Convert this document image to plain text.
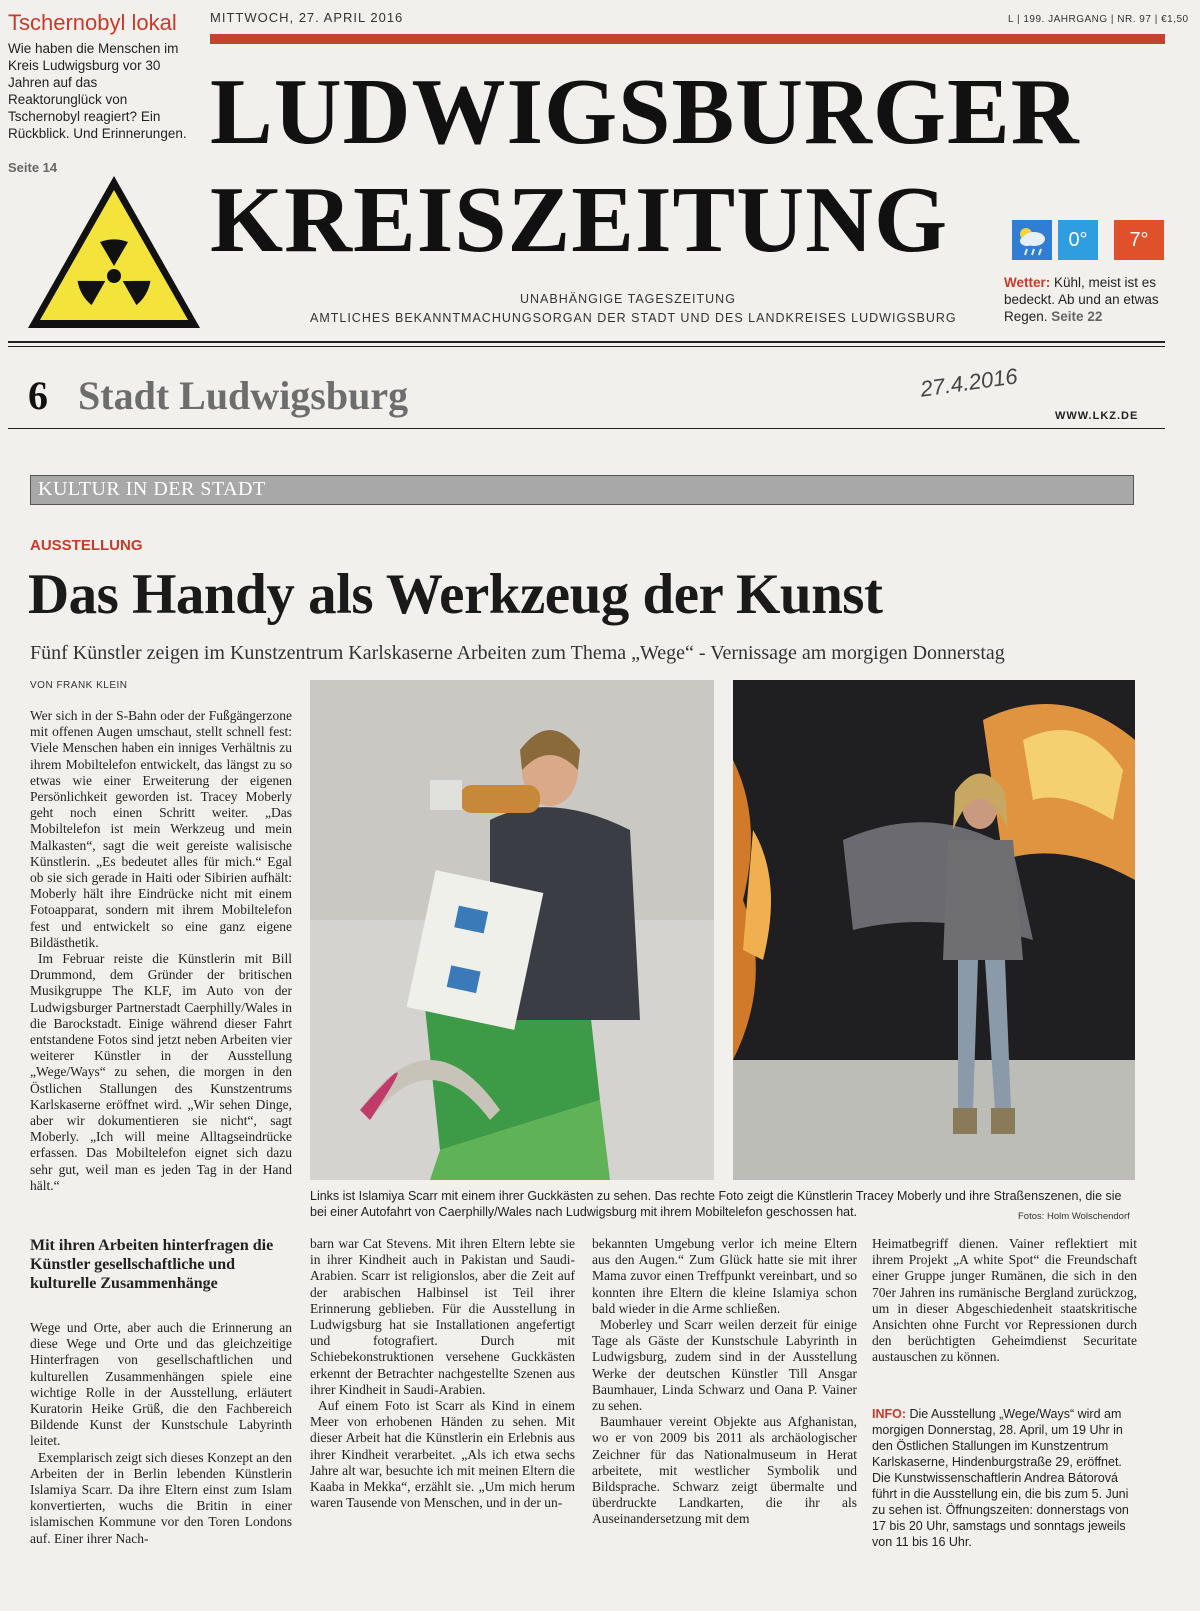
Tschernobyl lokal
Wie haben die Menschen im Kreis Ludwigsburg vor 30 Jahren auf das Reaktorunglück von Tschernobyl reagiert? Ein Rückblick. Und Erinnerungen.
Seite 14
MITTWOCH, 27. APRIL 2016	L | 199. JAHRGANG | NR. 97 | €1,50
LUDWIGSBURGER
KREISZEITUNG
UNABHÄNGIGE TAGESZEITUNG
AMTLICHES BEKANNTMACHUNGSORGAN DER STADT UND DES LANDKREISES LUDWIGSBURG
0°	7°
Wetter: Kühl, meist ist es bedeckt. Ab und an etwas Regen. Seite 22
6 Stadt Ludwigsburg	27.4.2016
WWW.LKZ.DE
KULTUR IN DER STADT
AUSSTELLUNG
Das Handy als Werkzeug der Kunst
Fünf Künstler zeigen im Kunstzentrum Karlskaserne Arbeiten zum Thema „Wege“ - Vernissage am morgigen Donnerstag
VON FRANK KLEIN

Wer sich in der S-Bahn oder der Fußgängerzone mit offenen Augen umschaut, stellt schnell fest: Viele Menschen haben ein inniges Verhältnis zu ihrem Mobiltelefon entwickelt, das längst zu so etwas wie einer Erweiterung der eigenen Persönlichkeit geworden ist. Tracey Moberly geht noch einen Schritt weiter. „Das Mobiltelefon ist mein Werkzeug und mein Malkasten“, sagt die weit gereiste walisische Künstlerin. „Es bedeutet alles für mich.“ Egal ob sie sich gerade in Haiti oder Sibirien aufhält: Moberly hält ihre Eindrücke nicht mit einem Fotoapparat, sondern mit ihrem Mobiltelefon fest und entwickelt so eine ganz eigene Bildästhetik.

Im Februar reiste die Künstlerin mit Bill Drummond, dem Gründer der britischen Musikgruppe The KLF, im Auto von der Ludwigsburger Partnerstadt Caerphilly/Wales in die Barockstadt. Einige während dieser Fahrt entstandene Fotos sind jetzt neben Arbeiten vier weiterer Künstler in der Ausstellung „Wege/Ways“ zu sehen, die morgen in den Östlichen Stallungen des Kunstzentrums Karlskaserne eröffnet wird. „Wir sehen Dinge, aber wir dokumentieren sie nicht“, sagt Moberly. „Ich will meine Alltagseindrücke erfassen. Das Mobiltelefon eignet sich dazu sehr gut, weil man es jeden Tag in der Hand hält.“

Links ist Islamiya Scarr mit einem ihrer Guckkästen zu sehen. Das rechte Foto zeigt die Künstlerin Tracey Moberly und ihre Straßenszenen, die sie bei einer Autofahrt von Caerphilly/Wales nach Ludwigsburg mit ihrem Mobiltelefon geschossen hat.	Fotos: Holm Wolschendorf
Mit ihren Arbeiten hinterfragen die Künstler gesellschaftliche und kulturelle Zusammenhänge

Wege und Orte, aber auch die Erinnerung an diese Wege und Orte und das gleichzeitige Hinterfragen von gesellschaftlichen und kulturellen Zusammenhängen spiele eine wichtige Rolle in der Ausstellung, erläutert Kuratorin Heike Grüß, die den Fachbereich Bildende Kunst der Kunstschule Labyrinth leitet.

Exemplarisch zeigt sich dieses Konzept an den Arbeiten der in Berlin lebenden Künstlerin Islamiya Scarr. Da ihre Eltern einst zum Islam konvertierten, wuchs die Britin in einer islamischen Kommune vor den Toren Londons auf. Einer ihrer Nach-

barn war Cat Stevens. Mit ihren Eltern lebte sie in ihrer Kindheit auch in Pakistan und Saudi-Arabien. Scarr ist religionslos, aber die Zeit auf der arabischen Halbinsel ist Teil ihrer Erinnerung geblieben. Für die Ausstellung in Ludwigsburg hat sie Installationen angefertigt und fotografiert. Durch mit Schiebekonstruktionen versehene Guckkästen erkennt der Betrachter nachgestellte Szenen aus ihrer Kindheit in Saudi-Arabien.

Auf einem Foto ist Scarr als Kind in einem Meer von erhobenen Händen zu sehen. Mit dieser Arbeit hat die Künstlerin ein Erlebnis aus ihrer Kindheit verarbeitet. „Als ich etwa sechs Jahre alt war, besuchte ich mit meinen Eltern die Kaaba in Mekka“, erzählt sie. „Um mich herum waren Tausende von Menschen, und in der un-

bekannten Umgebung verlor ich meine Eltern aus den Augen.“ Zum Glück hatte sie mit ihrer Mama zuvor einen Treffpunkt vereinbart, und so konnten ihre Eltern die kleine Islamiya schon bald wieder in die Arme schließen.

Moberley und Scarr weilen derzeit für einige Tage als Gäste der Kunstschule Labyrinth in Ludwigsburg, zudem sind in der Ausstellung Werke der deutschen Künstler Till Ansgar Baumhauer, Linda Schwarz und Oana P. Vainer zu sehen.

Baumhauer vereint Objekte aus Afghanistan, wo er von 2009 bis 2011 als archäologischer Zeichner für das Nationalmuseum in Herat arbeitete, mit westlicher Symbolik und Bildsprache. Schwarz zeigt übermalte und überdruckte Landkarten, die ihr als Auseinandersetzung mit dem

Heimatbegriff dienen. Vainer reflektiert mit ihrem Projekt „A white Spot“ die Freundschaft einer Gruppe junger Rumänen, die sich in den 70er Jahren ins rumänische Bergland zurückzog, um in dieser Abgeschiedenheit staatskritische Ansichten ohne Furcht vor Repressionen durch den berüchtigten Geheimdienst Securitate austauschen zu können.

INFO: Die Ausstellung „Wege/Ways“ wird am morgigen Donnerstag, 28. April, um 19 Uhr in den Östlichen Stallungen im Kunstzentrum Karlskaserne, Hindenburgstraße 29, eröffnet. Die Kunstwissenschaftlerin Andrea Bátorová führt in die Ausstellung ein, die bis zum 5. Juni zu sehen ist. Öffnungszeiten: donnerstags von 17 bis 20 Uhr, samstags und sonntags jeweils von 11 bis 16 Uhr.
